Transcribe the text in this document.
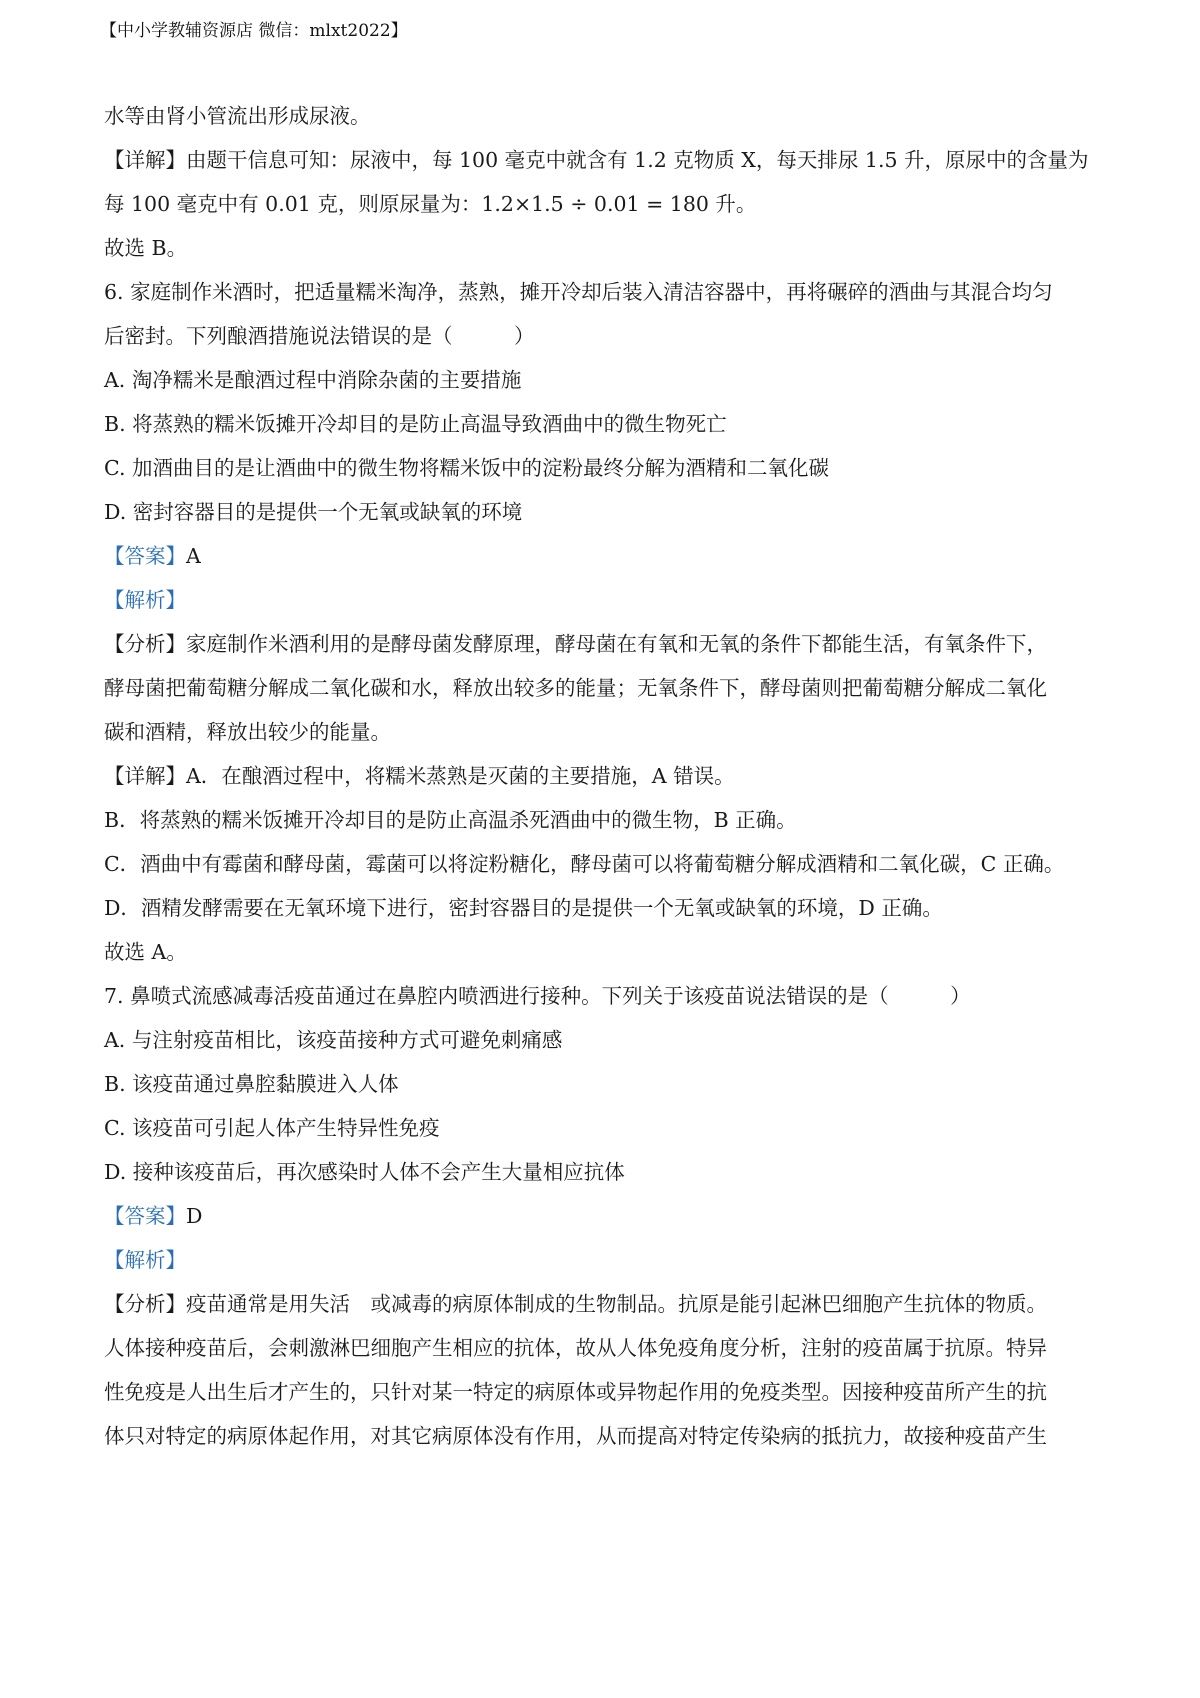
【中小学教辅资源店 微信：mlxt2022】
水等由肾小管流出形成尿液。
【详解】由题干信息可知：尿液中，每 100 毫克中就含有 1.2 克物质 X，每天排尿 1.5 升，原尿中的含量为
每 100 毫克中有 0.01 克，则原尿量为：1.2×1.5 ÷ 0.01 = 180 升。
故选 B。
6. 家庭制作米酒时，把适量糯米淘净，蒸熟，摊开冷却后装入清洁容器中，再将碾碎的酒曲与其混合均匀
后密封。下列酿酒措施说法错误的是（　　　）
A. 淘净糯米是酿酒过程中消除杂菌的主要措施
B. 将蒸熟的糯米饭摊开冷却目的是防止高温导致酒曲中的微生物死亡
C. 加酒曲目的是让酒曲中的微生物将糯米饭中的淀粉最终分解为酒精和二氧化碳
D. 密封容器目的是提供一个无氧或缺氧的环境
【答案】A
【解析】
【分析】家庭制作米酒利用的是酵母菌发酵原理，酵母菌在有氧和无氧的条件下都能生活，有氧条件下，
酵母菌把葡萄糖分解成二氧化碳和水，释放出较多的能量；无氧条件下，酵母菌则把葡萄糖分解成二氧化
碳和酒精，释放出较少的能量。
【详解】A．在酿酒过程中，将糯米蒸熟是灭菌的主要措施，A 错误。
B．将蒸熟的糯米饭摊开冷却目的是防止高温杀死酒曲中的微生物，B 正确。
C．酒曲中有霉菌和酵母菌，霉菌可以将淀粉糖化，酵母菌可以将葡萄糖分解成酒精和二氧化碳，C 正确。
D．酒精发酵需要在无氧环境下进行，密封容器目的是提供一个无氧或缺氧的环境，D 正确。
故选 A。
7. 鼻喷式流感减毒活疫苗通过在鼻腔内喷洒进行接种。下列关于该疫苗说法错误的是（　　　）
A. 与注射疫苗相比，该疫苗接种方式可避免刺痛感
B. 该疫苗通过鼻腔黏膜进入人体
C. 该疫苗可引起人体产生特异性免疫
D. 接种该疫苗后，再次感染时人体不会产生大量相应抗体
【答案】D
【解析】
【分析】疫苗通常是用失活　或减毒的病原体制成的生物制品。抗原是能引起淋巴细胞产生抗体的物质。
人体接种疫苗后，会刺激淋巴细胞产生相应的抗体，故从人体免疫角度分析，注射的疫苗属于抗原。特异
性免疫是人出生后才产生的，只针对某一特定的病原体或异物起作用的免疫类型。因接种疫苗所产生的抗
体只对特定的病原体起作用，对其它病原体没有作用，从而提高对特定传染病的抵抗力，故接种疫苗产生
